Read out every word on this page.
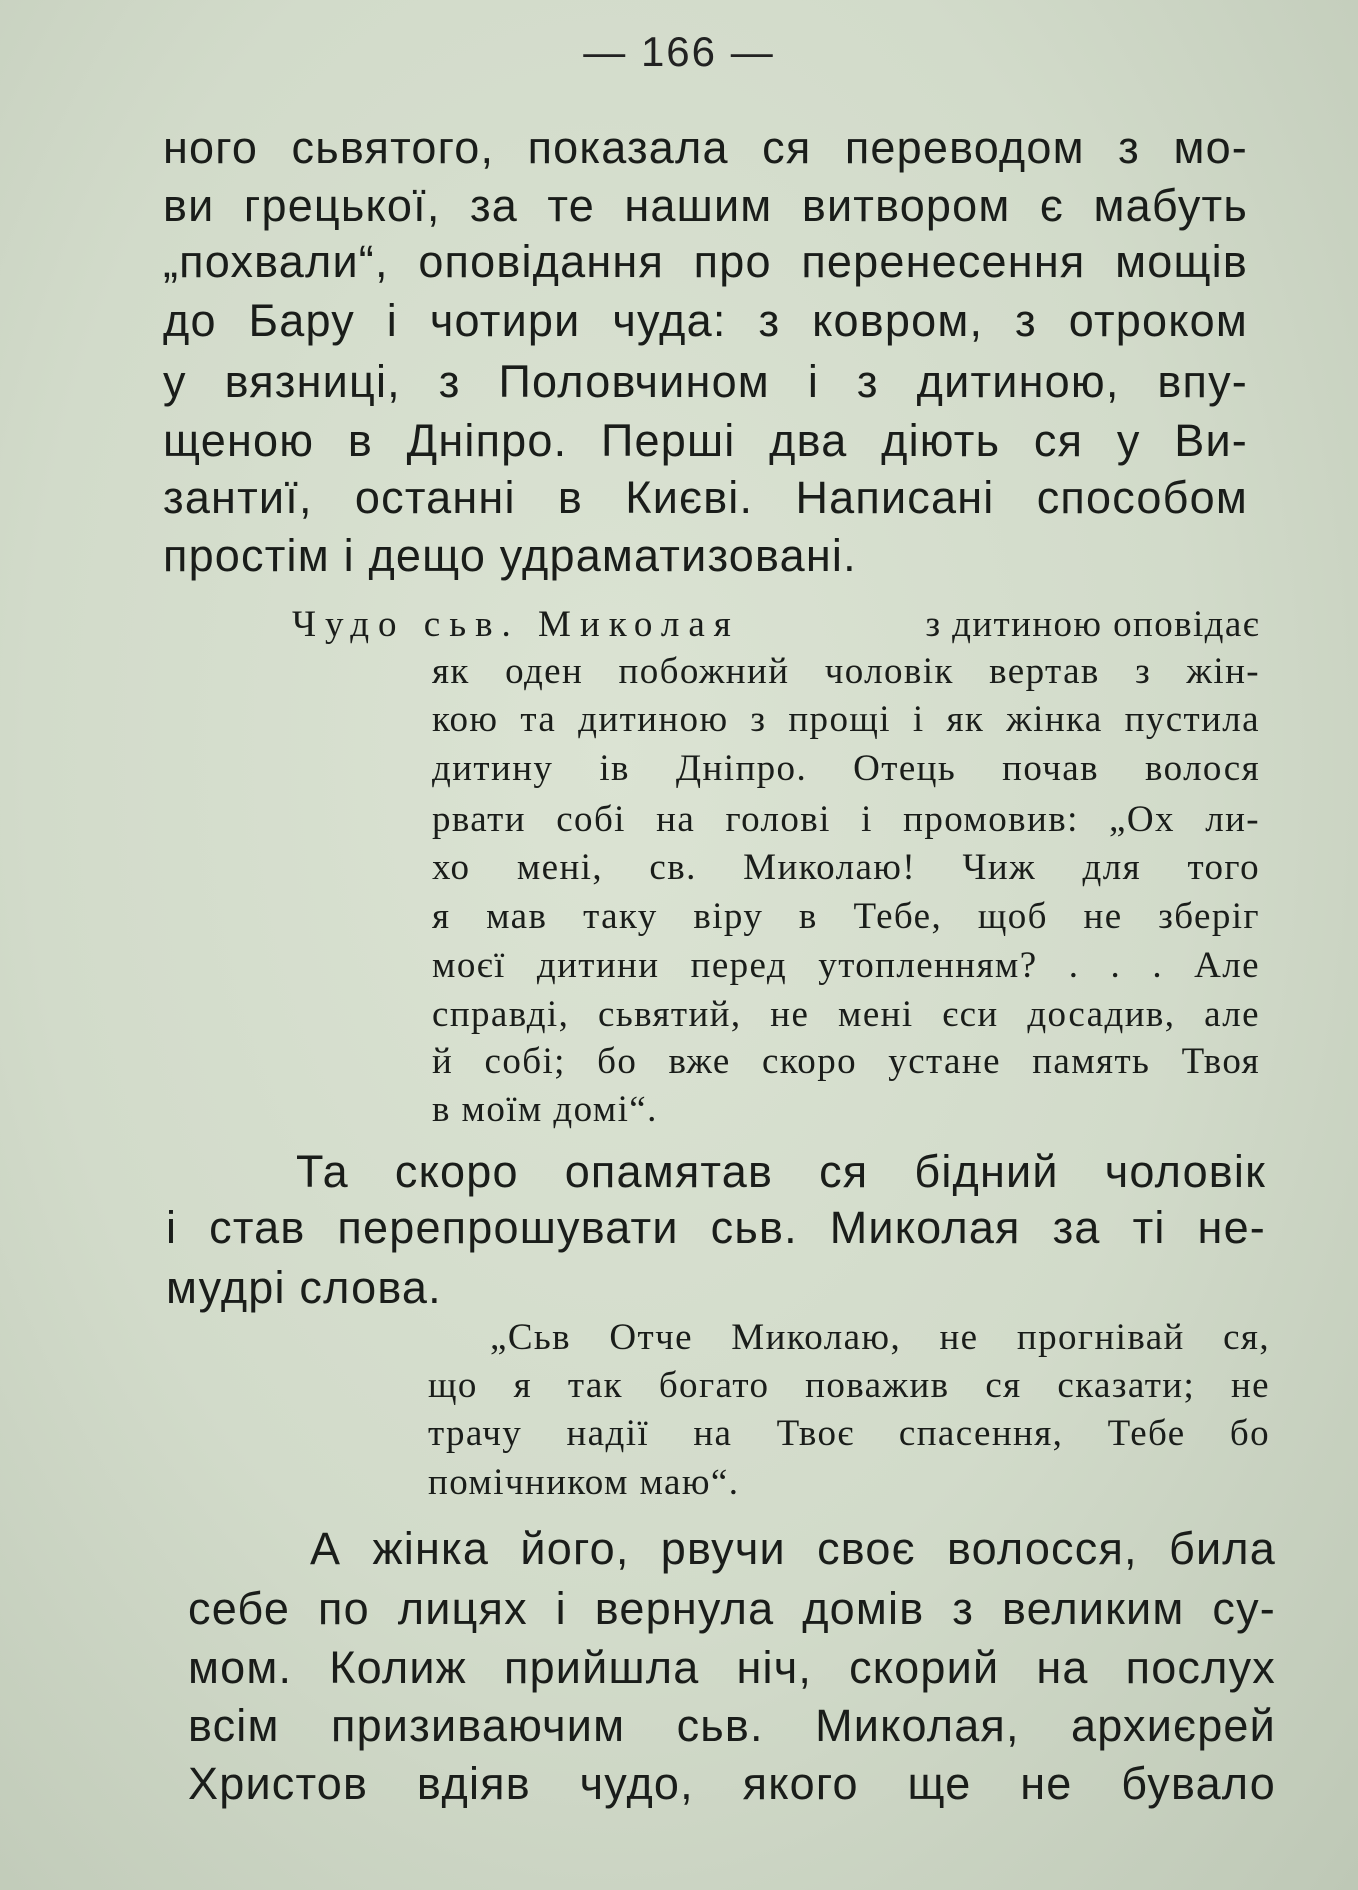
— 166 —
ного сьвятого, показала ся переводом з мо-
ви грецької, за те нашим витвором є мабуть
„похвали“, оповідання про перенесення мощів
до Бару і чотири чуда: з ковром, з отроком
у вязниці, з Половчином і з дитиною, впу-
щеною в Дніпро. Перші два діють ся у Ви-
зантиї, останні в Києві. Написані способом
простім і дещо удраматизовані.
Чудо сьв. Миколая	з дитиною оповідає
як оден побожний чоловік вертав з жін-
кою та дитиною з прощі і як жінка пустила
дитину ів Дніпро. Отець почав волося
рвати собі на голові і промовив: „Ох ли-
хо мені, св. Миколаю! Чиж для того
я мав таку віру в Тебе, щоб не зберіг
моєї дитини перед утопленням? . . . Але
справді, сьвятий, не мені єси досадив, але
й собі; бо вже скоро устане память Твоя
в моїм домі“.
Та скоро опамятав ся бідний чоловік
і став перепрошувати сьв. Миколая за ті не-
мудрі слова.
„Сьв Отче Миколаю, не прогнівай ся,
що я так богато поважив ся сказати; не
трачу надії на Твоє спасення, Тебе бо
помічником маю“.
А жінка його, рвучи своє волосся, била
себе по лицях і вернула домів з великим су-
мом. Колиж прийшла ніч, скорий на послух
всім призиваючим сьв. Миколая, архиєрей
Христов вдіяв чудо, якого ще не бувало
